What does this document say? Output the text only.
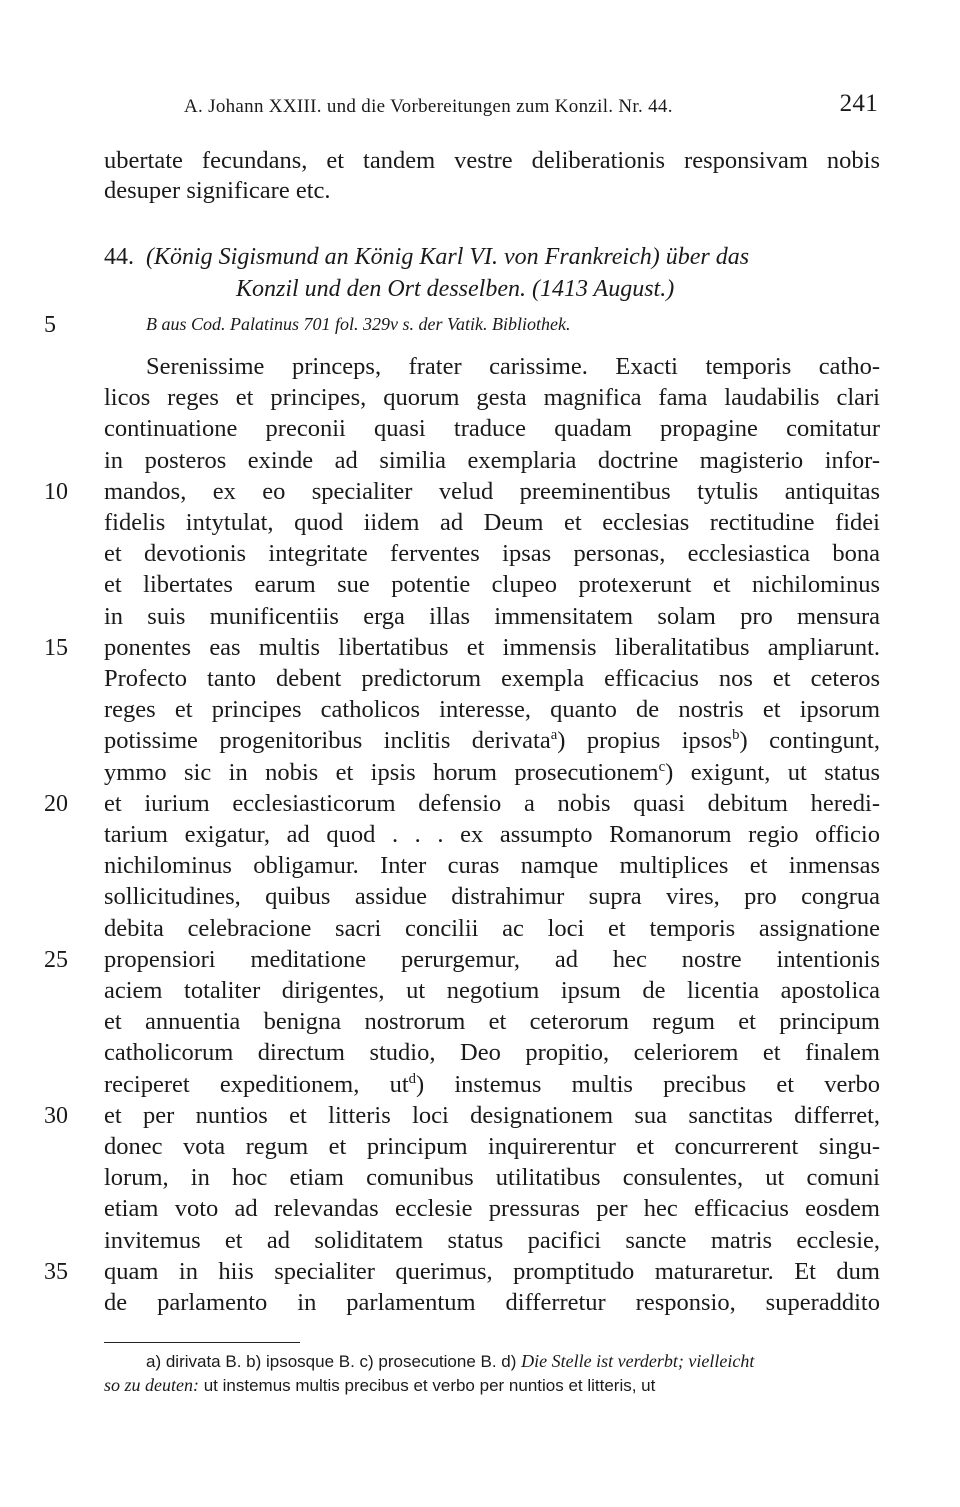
A. Johann XXIII. und die Vorbereitungen zum Konzil. Nr. 44.	241
ubertate fecundans, et tandem vestre deliberationis responsivam nobis
desuper significare etc.
44. (König Sigismund an König Karl VI. von Frankreich) über das
Konzil und den Ort desselben. (1413 August.)
5	B aus Cod. Palatinus 701 fol. 329v s. der Vatik. Bibliothek.
Serenissime princeps, frater carissime. Exacti temporis catho-
licos reges et principes, quorum gesta magnifica fama laudabilis clari
continuatione preconii quasi traduce quadam propagine comitatur
in posteros exinde ad similia exemplaria doctrine magisterio infor-
mandos, ex eo specialiter velud preeminentibus tytulis antiquitas
fidelis intytulat, quod iidem ad Deum et ecclesias rectitudine fidei
et devotionis integritate ferventes ipsas personas, ecclesiastica bona
et libertates earum sue potentie clupeo protexerunt et nichilominus
in suis munificentiis erga illas immensitatem solam pro mensura
ponentes eas multis libertatibus et immensis liberalitatibus ampliarunt.
Profecto tanto debent predictorum exempla efficacius nos et ceteros
reges et principes catholicos interesse, quanto de nostris et ipsorum
potissime progenitoribus inclitis derivata$^a$) propius ipsos$^b$) contingunt,
ymmo sic in nobis et ipsis horum prosecutionem$^c$) exigunt, ut status
et iurium ecclesiasticorum defensio a nobis quasi debitum heredi-
tarium exigatur, ad quod . . . ex assumpto Romanorum regio officio
nichilominus obligamur. Inter curas namque multiplices et inmensas
sollicitudines, quibus assidue distrahimur supra vires, pro congrua
debita celebracione sacri concilii ac loci et temporis assignatione
propensiori meditatione perurgemur, ad hec nostre intentionis
aciem totaliter dirigentes, ut negotium ipsum de licentia apostolica
et annuentia benigna nostrorum et ceterorum regum et principum
catholicorum directum studio, Deo propitio, celeriorem et finalem
reciperet expeditionem, $ut^d$) instemus multis precibus et verbo
et per nuntios et litteris loci designationem sua sanctitas differret,
donec vota regum et principum inquirerentur et concurrerent singu-
lorum, in hoc etiam comunibus utilitatibus consulentes, ut comuni
etiam voto ad relevandas ecclesie pressuras per hec efficacius eosdem
invitemus et ad soliditatem status pacifici sancte matris ecclesie,
quam in hiis specialiter querimus, promptitudo maturaretur. Et dum
de parlamento in parlamentum differretur responsio, superaddito
10
15
20
25
30
35
a) dirivata B. b) ipsosque B. c) prosecutione B. d) Die Stelle ist verderbt; vielleicht
so zu deuten: ut instemus multis precibus et verbo per nuntios et litteris, ut
